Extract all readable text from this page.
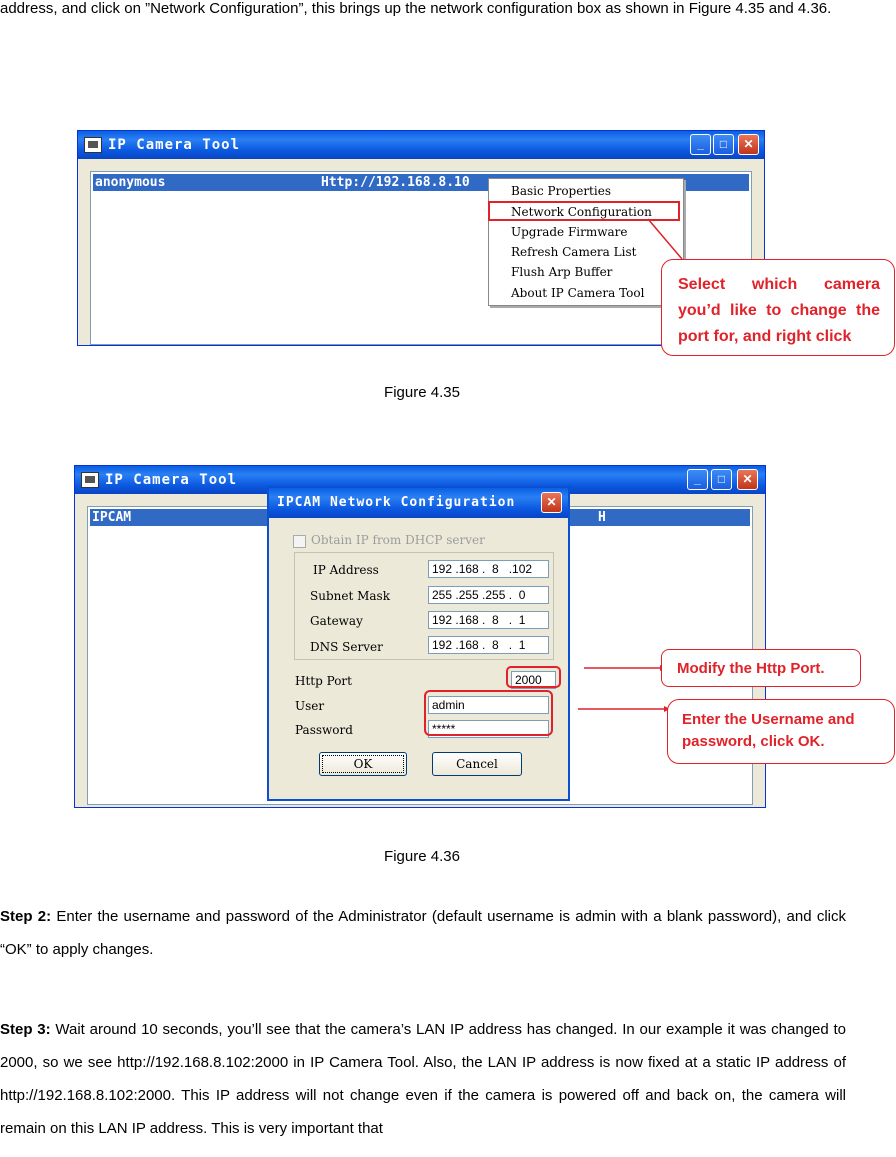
address, and click on ”Network Configuration”, this brings up the network configuration box as shown in Figure 4.35 and 4.36.
IP Camera Tool	_	□	✕
anonymous	Http://192.168.8.10
Basic Properties
Network Configuration
Upgrade Firmware
Refresh Camera List
Flush Arp Buffer
About IP Camera Tool	Select which camera you’d like to change the port for, and right click
Figure 4.35
IP Camera Tool	_	□	✕
IPCAM	H
IPCAM Network Configuration	✕
Obtain IP from DHCP server
IP Address	192 .168 .  8   .102
Subnet Mask	255 .255 .255 .  0
Gateway	192 .168 .  8   .  1
DNS Server	192 .168 .  8   .  1
Http Port	2000
User	admin
Password	*****
OK	Cancel
Modify the Http Port.
Enter the Username and password, click OK.
Figure 4.36
Step 2: Enter the username and password of the Administrator (default username is admin with a blank password), and click “OK” to apply changes.
Step 3: Wait around 10 seconds, you’ll see that the camera’s LAN IP address has changed. In our example it was changed to 2000, so we see http://192.168.8.102:2000 in IP Camera Tool. Also, the LAN IP address is now fixed at a static IP address of http://192.168.8.102:2000. This IP address will not change even if the camera is powered off and back on, the camera will remain on this LAN IP address. This is very important that
